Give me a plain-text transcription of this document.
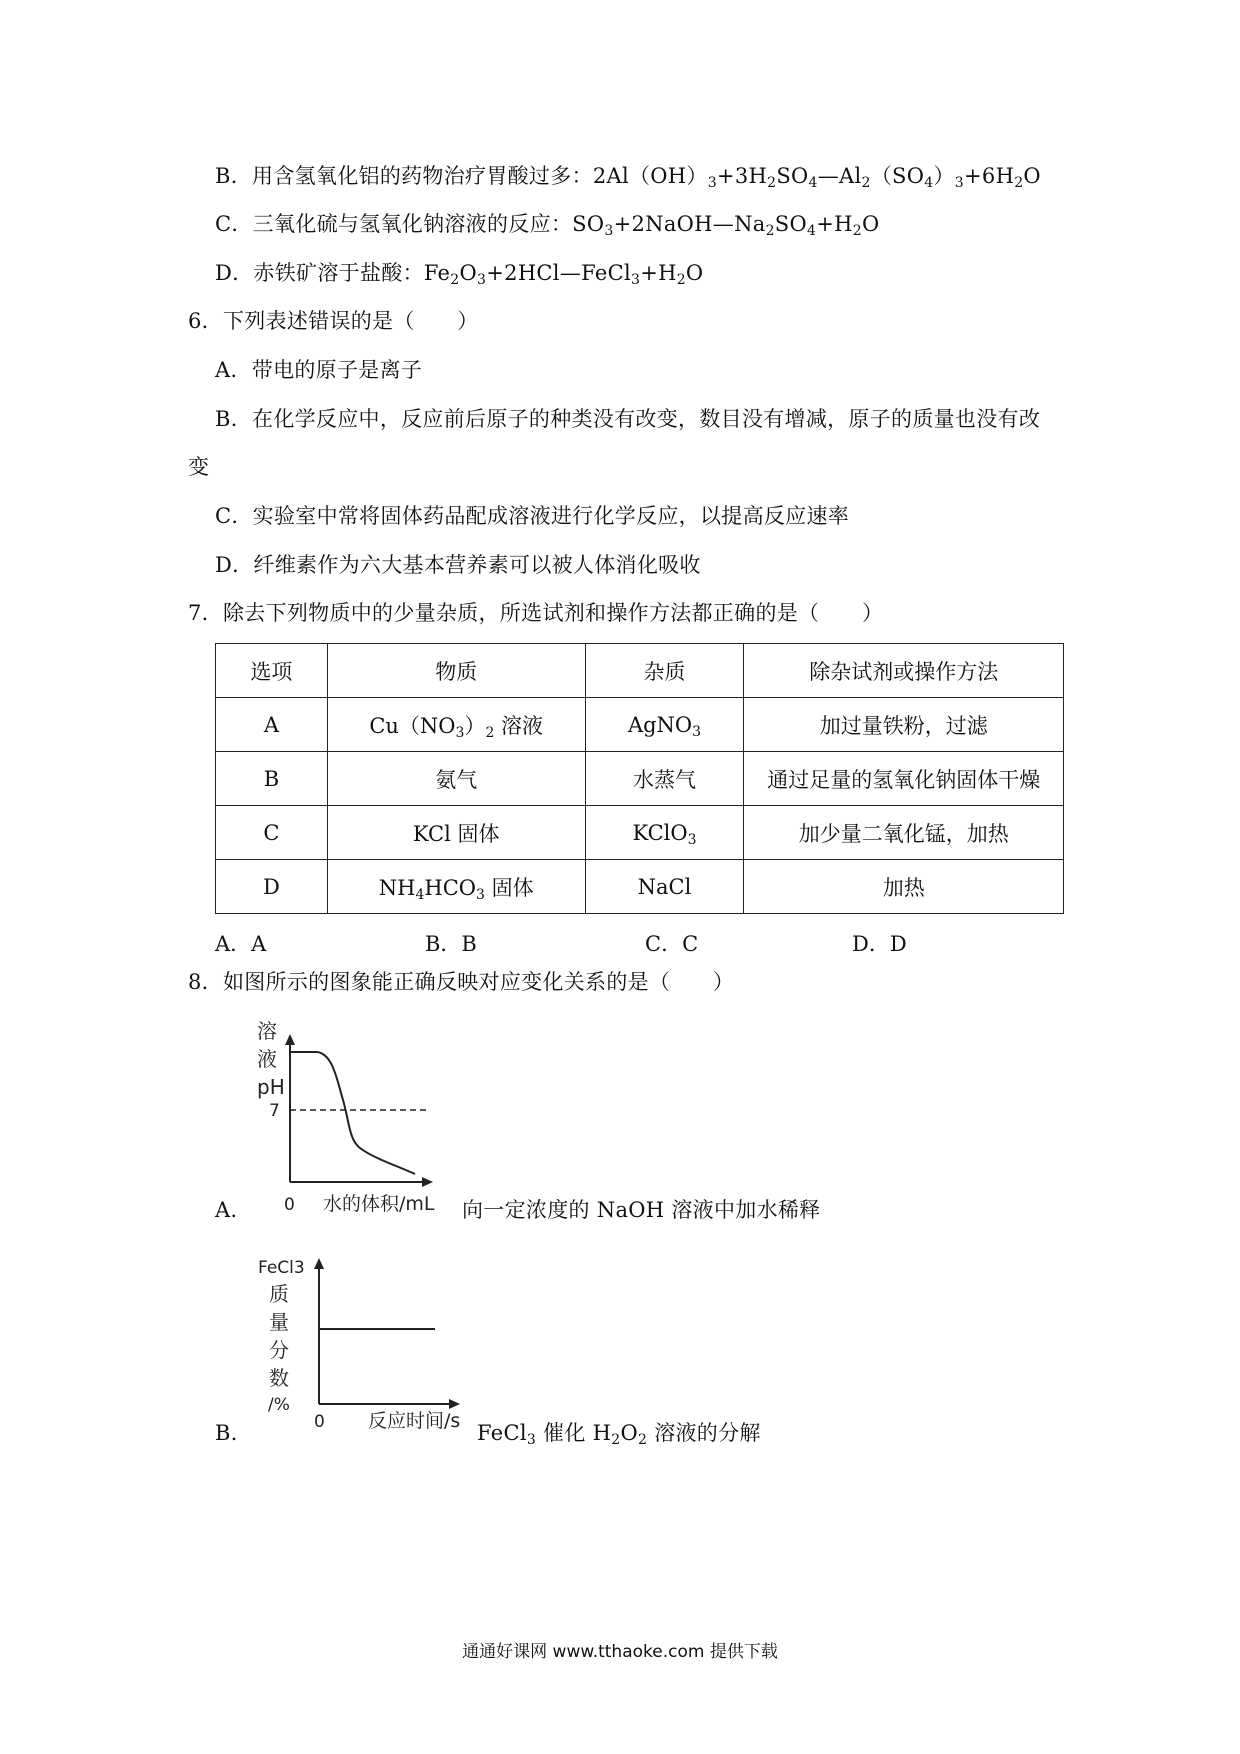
B．用含氢氧化铝的药物治疗胃酸过多：$2Al(OH)_3+3H_2SO_4—Al_2(SO_4)_3+6H_2O$
C．三氧化硫与氢氧化钠溶液的反应：$SO_3+2NaOH—Na_2SO_4+H_2O$
D．赤铁矿溶于盐酸：$Fe_2O_3+2HCl—FeCl_3+H_2O$
6．下列表述错误的是（　　）
A．带电的原子是离子
B．在化学反应中，反应前后原子的种类没有改变，数目没有增减，原子的质量也没有改
变
C．实验室中常将固体药品配成溶液进行化学反应，以提高反应速率
D．纤维素作为六大基本营养素可以被人体消化吸收
7．除去下列物质中的少量杂质，所选试剂和操作方法都正确的是（　　）
选项	物质	杂质	除杂试剂或操作方法
A	$Cu(NO_3)_2$ 溶液	AgNO$_3$	加过量铁粉，过滤
B	氨气	水蒸气	通过足量的氢氧化钠固体干燥
C	KCl 固体	KClO$_3$	加少量二氧化锰，加热
D	$NH_4HCO_3$ 固体	NaCl	加热
A．A	B．B	C．C	D．D
8．如图所示的图象能正确反映对应变化关系的是（　　）
A．
溶
液
pH
7
0 水的体积/mL 向一定浓度的 NaOH 溶液中加水稀释
B．
FeCl3
质
量
分
数
/%
0 反应时间/s FeCl$_3$ 催化 $H_2O_2$ 溶液的分解
通通好课网 www.tthaoke.com 提供下载
